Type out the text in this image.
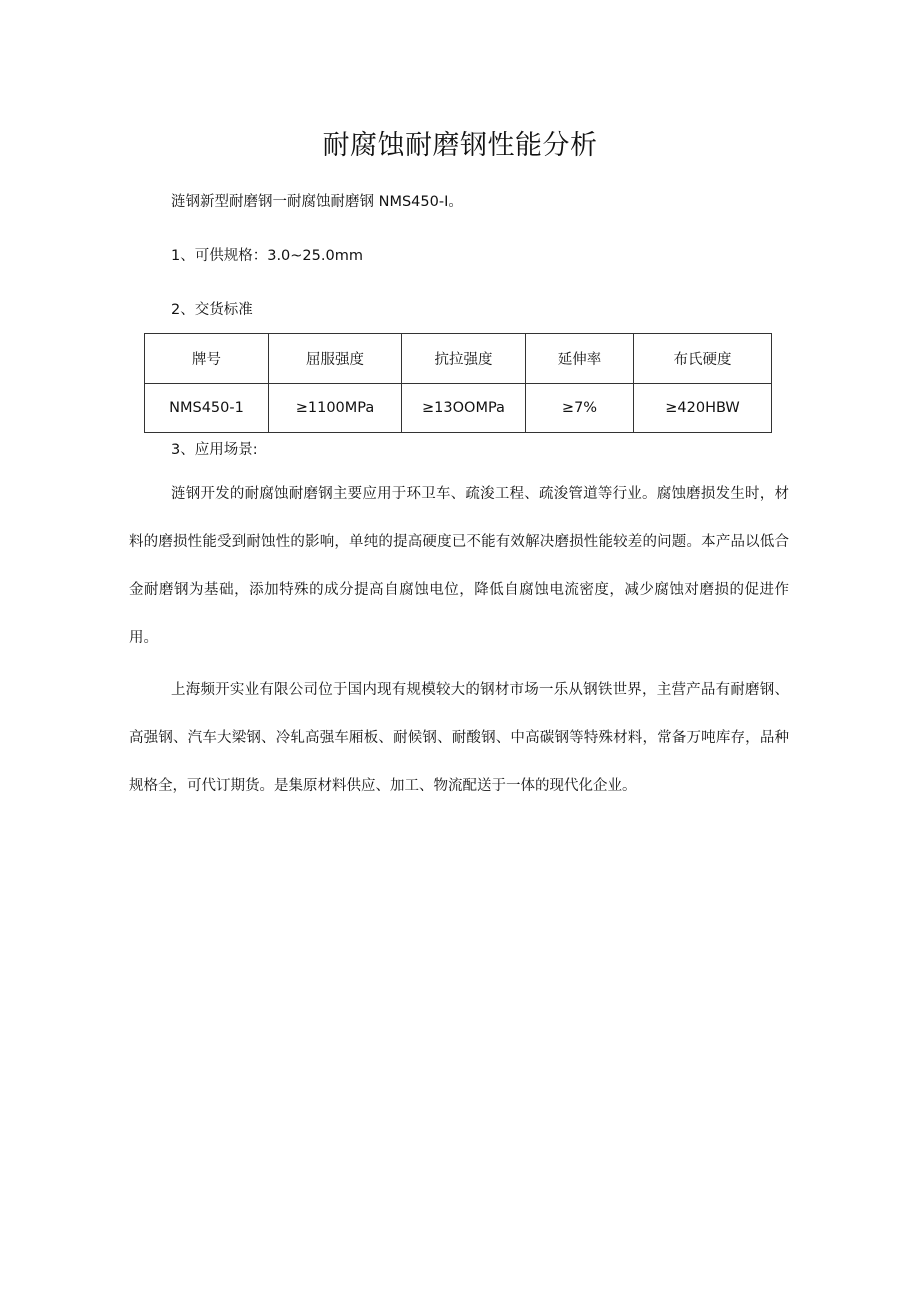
耐腐蚀耐磨钢性能分析
涟钢新型耐磨钢一耐腐蚀耐磨钢 NMS450-I。
1、可供规格：3.0~25.0mm
2、交货标准
牌号	屈服强度	抗拉强度	延伸率	布氏硬度
NMS450-1	≥1100MPa	≥13OOMPa	≥7%	≥420HBW
3、应用场景:

涟钢开发的耐腐蚀耐磨钢主要应用于环卫车、疏浚工程、疏浚管道等行业。腐蚀磨损发生时，材料的磨损性能受到耐蚀性的影响，单纯的提高硬度已不能有效解决磨损性能较差的问题。本产品以低合金耐磨钢为基础，添加特殊的成分提高自腐蚀电位，降低自腐蚀电流密度，减少腐蚀对磨损的促进作用。

上海频开实业有限公司位于国内现有规模较大的钢材市场一乐从钢铁世界，主营产品有耐磨钢、高强钢、汽车大梁钢、冷轧高强车厢板、耐候钢、耐酸钢、中高碳钢等特殊材料，常备万吨库存，品种规格全，可代订期货。是集原材料供应、加工、物流配送于一体的现代化企业。
